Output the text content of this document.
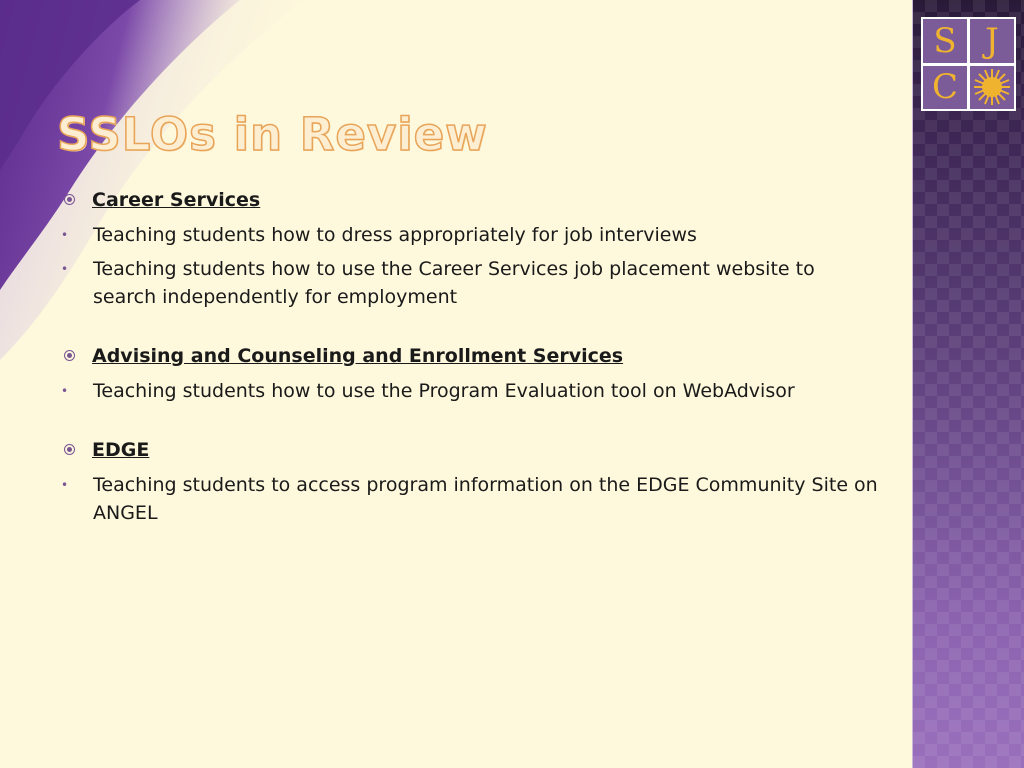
S J
C
SSLOs in Review
Career Services
• Teaching students how to dress appropriately for job interviews
• Teaching students how to use the Career Services job placement website to search independently for employment
Advising and Counseling and Enrollment Services
• Teaching students how to use the Program Evaluation tool on WebAdvisor
EDGE
• Teaching students to access program information on the EDGE Community Site on ANGEL
